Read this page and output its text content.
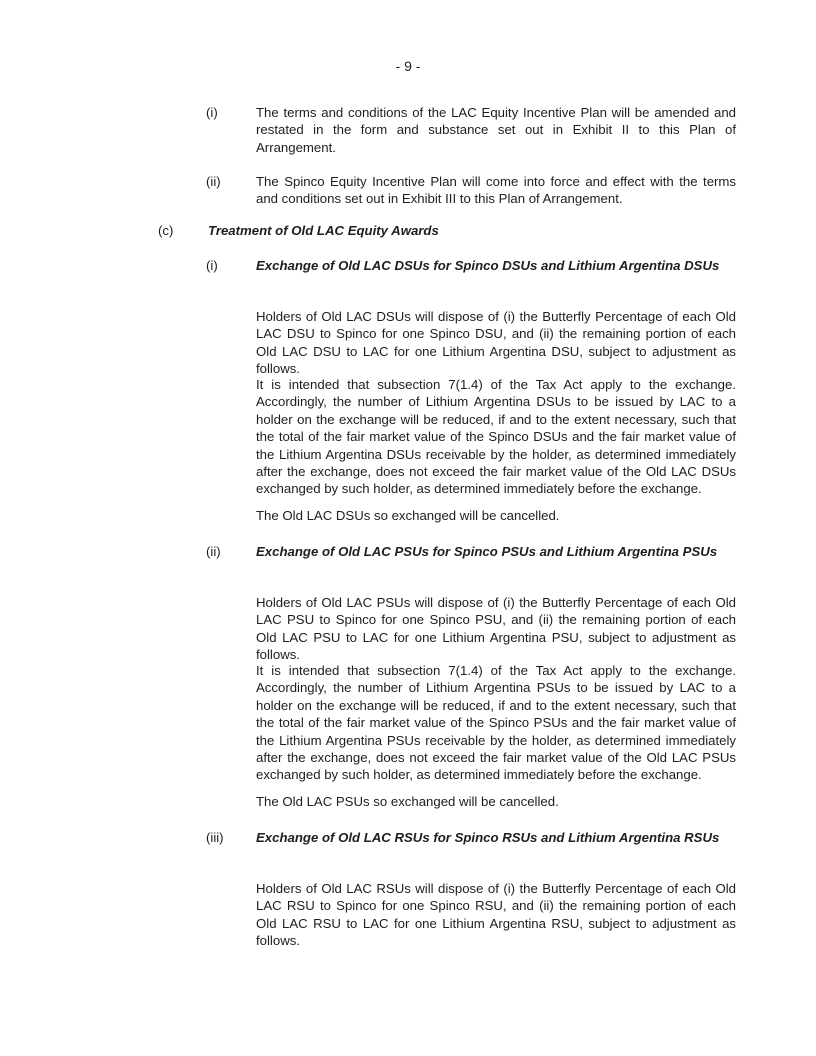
- 9 -
(i)	The terms and conditions of the LAC Equity Incentive Plan will be amended and restated in the form and substance set out in Exhibit II to this Plan of Arrangement.
(ii)	The Spinco Equity Incentive Plan will come into force and effect with the terms and conditions set out in Exhibit III to this Plan of Arrangement.
(c)	Treatment of Old LAC Equity Awards
(i)	Exchange of Old LAC DSUs for Spinco DSUs and Lithium Argentina DSUs
Holders of Old LAC DSUs will dispose of (i) the Butterfly Percentage of each Old LAC DSU to Spinco for one Spinco DSU, and (ii) the remaining portion of each Old LAC DSU to LAC for one Lithium Argentina DSU, subject to adjustment as follows.
It is intended that subsection 7(1.4) of the Tax Act apply to the exchange. Accordingly, the number of Lithium Argentina DSUs to be issued by LAC to a holder on the exchange will be reduced, if and to the extent necessary, such that the total of the fair market value of the Spinco DSUs and the fair market value of the Lithium Argentina DSUs receivable by the holder, as determined immediately after the exchange, does not exceed the fair market value of the Old LAC DSUs exchanged by such holder, as determined immediately before the exchange.
The Old LAC DSUs so exchanged will be cancelled.
(ii)	Exchange of Old LAC PSUs for Spinco PSUs and Lithium Argentina PSUs
Holders of Old LAC PSUs will dispose of (i) the Butterfly Percentage of each Old LAC PSU to Spinco for one Spinco PSU, and (ii) the remaining portion of each Old LAC PSU to LAC for one Lithium Argentina PSU, subject to adjustment as follows.
It is intended that subsection 7(1.4) of the Tax Act apply to the exchange. Accordingly, the number of Lithium Argentina PSUs to be issued by LAC to a holder on the exchange will be reduced, if and to the extent necessary, such that the total of the fair market value of the Spinco PSUs and the fair market value of the Lithium Argentina PSUs receivable by the holder, as determined immediately after the exchange, does not exceed the fair market value of the Old LAC PSUs exchanged by such holder, as determined immediately before the exchange.
The Old LAC PSUs so exchanged will be cancelled.
(iii) Exchange of Old LAC RSUs for Spinco RSUs and Lithium Argentina RSUs
Holders of Old LAC RSUs will dispose of (i) the Butterfly Percentage of each Old LAC RSU to Spinco for one Spinco RSU, and (ii) the remaining portion of each Old LAC RSU to LAC for one Lithium Argentina RSU, subject to adjustment as follows.
